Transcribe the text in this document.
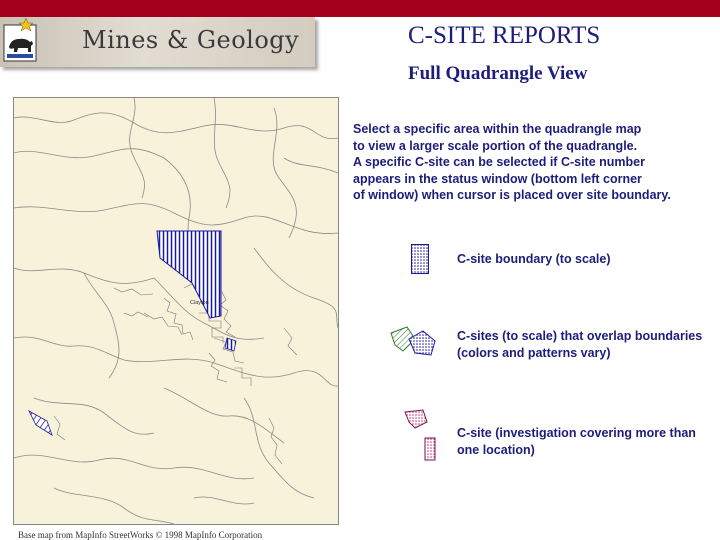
Mines & Geology	C-SITE REPORTS
Full Quadrangle View

Select a specific area within the quadrangle map

to view a larger scale portion of the quadrangle.

A specific C-site can be selected if C-site number

appears in the status window (bottom left corner

of window) when cursor is placed over site boundary.

Clayton
Base map from MapInfo StreetWorks © 1998 MapInfo Corporation
C-site boundary (to scale)
C-sites (to scale) that overlap boundaries (colors and patterns vary)
C-site (investigation covering more than one location)
